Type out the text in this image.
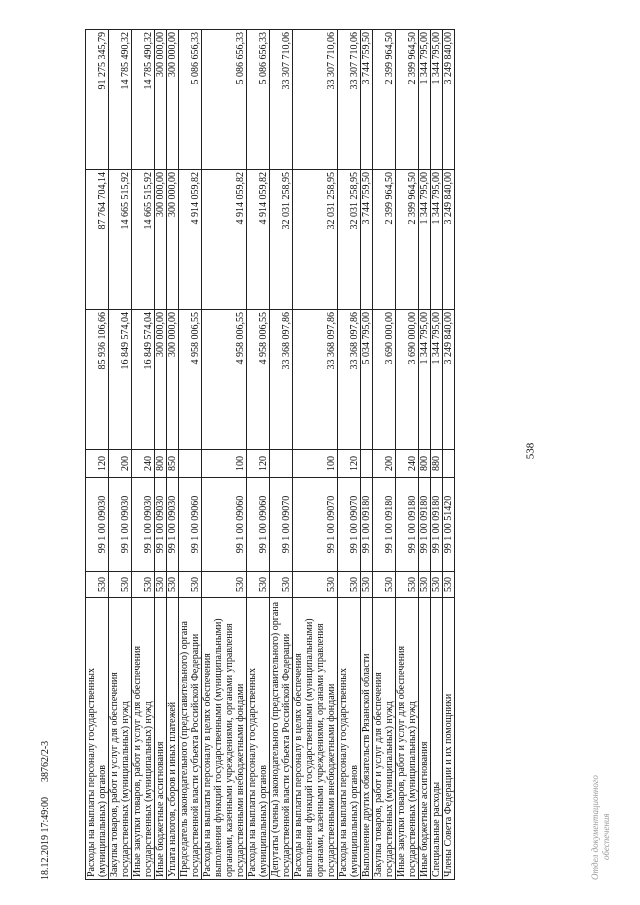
538
Расходы на выплаты персоналу государственных (муниципальных) органов	530	99 1 00 09030	120	85 936 106,66	87 764 704,14	91 275 345,79
Закупка товаров, работ и услуг для обеспечения государственных (муниципальных) нужд	530	99 1 00 09030	200	16 849 574,04	14 665 515,92	14 785 490,32
Иные закупки товаров, работ и услуг для обеспечения государственных (муниципальных) нужд	530	99 1 00 09030	240	16 849 574,04	14 665 515,92	14 785 490,32
Иные бюджетные ассигнования	530	99 1 00 09030	800	300 000,00	300 000,00	300 000,00
Уплата налогов, сборов и иных платежей	530	99 1 00 09030	850	300 000,00	300 000,00	300 000,00
Председатель законодательного (представительного) органа государственной власти субъекта Российской Федерации	530	99 1 00 09060		4 958 006,55	4 914 059,82	5 086 656,33
Расходы на выплаты персоналу в целях обеспечения выполнения функций государственными (муниципальными) органами, казенными учреждениями, органами управления государственными внебюджетными фондами	530	99 1 00 09060	100	4 958 006,55	4 914 059,82	5 086 656,33
Расходы на выплаты персоналу государственных (муниципальных) органов	530	99 1 00 09060	120	4 958 006,55	4 914 059,82	5 086 656,33
Депутаты (члены) законодательного (представительного) органа государственной власти субъекта Российской Федерации	530	99 1 00 09070		33 368 097,86	32 031 258,95	33 307 710,06
Расходы на выплаты персоналу в целях обеспечения выполнения функций государственными (муниципальными) органами, казенными учреждениями, органами управления государственными внебюджетными фондами	530	99 1 00 09070	100	33 368 097,86	32 031 258,95	33 307 710,06
Расходы на выплаты персоналу государственных (муниципальных) органов	530	99 1 00 09070	120	33 368 097,86	32 031 258,95	33 307 710,06
Выполнение других обязательств Рязанской области	530	99 1 00 09180		5 034 795,00	3 744 759,50	3 744 759,50
Закупка товаров, работ и услуг для обеспечения государственных (муниципальных) нужд	530	99 1 00 09180	200	3 690 000,00	2 399 964,50	2 399 964,50
Иные закупки товаров, работ и услуг для обеспечения государственных (муниципальных) нужд	530	99 1 00 09180	240	3 690 000,00	2 399 964,50	2 399 964,50
Иные бюджетные ассигнования	530	99 1 00 09180	800	1 344 795,00	1 344 795,00	1 344 795,00
Специальные расходы	530	99 1 00 09180	880	1 344 795,00	1 344 795,00	1 344 795,00
Члены Совета Федерации и их помощники	530	99 1 00 51420		3 249 840,00	3 249 840,00	3 249 840,00
18.12.2019 17:49:00      38762/2-3
Отдел документационного обеспечения
